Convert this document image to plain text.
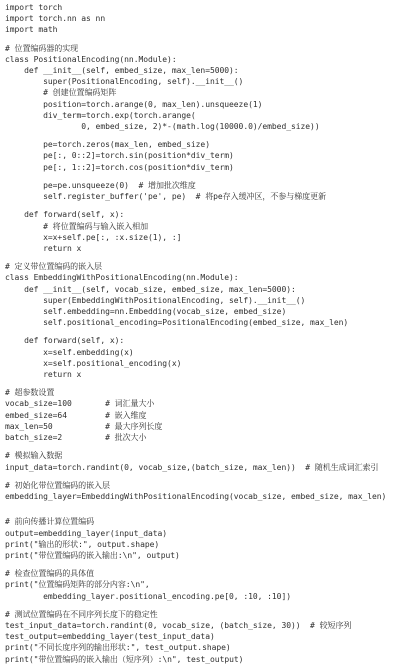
import torch
import torch.nn as nn
import math
# 位置编码器的实现
class PositionalEncoding(nn.Module):
def __init__(self, embed_size, max_len=5000):
super(PositionalEncoding, self).__init__()
# 创建位置编码矩阵
position=torch.arange(0, max_len).unsqueeze(1)
div_term=torch.exp(torch.arange(
0, embed_size, 2)*-(math.log(10000.0)/embed_size))
pe=torch.zeros(max_len, embed_size)
pe[:, 0::2]=torch.sin(position*div_term)
pe[:, 1::2]=torch.cos(position*div_term)
pe=pe.unsqueeze(0)  # 增加批次维度
self.register_buffer('pe', pe)  # 将pe存入缓冲区，不参与梯度更新
def forward(self, x):
# 将位置编码与输入嵌入相加
x=x+self.pe[:, :x.size(1), :]
return x
# 定义带位置编码的嵌入层
class EmbeddingWithPositionalEncoding(nn.Module):
def __init__(self, vocab_size, embed_size, max_len=5000):
super(EmbeddingWithPositionalEncoding, self).__init__()
self.embedding=nn.Embedding(vocab_size, embed_size)
self.positional_encoding=PositionalEncoding(embed_size, max_len)
def forward(self, x):
x=self.embedding(x)
x=self.positional_encoding(x)
return x
# 超参数设置
vocab_size=100       # 词汇量大小
embed_size=64        # 嵌入维度
max_len=50           # 最大序列长度
batch_size=2         # 批次大小
# 模拟输入数据
input_data=torch.randint(0, vocab_size,(batch_size, max_len))  # 随机生成词汇索引
# 初始化带位置编码的嵌入层
embedding_layer=EmbeddingWithPositionalEncoding(vocab_size, embed_size, max_len)
# 前向传播计算位置编码
output=embedding_layer(input_data)
print("输出的形状:", output.shape)
print("带位置编码的嵌入输出:\n", output)
# 检查位置编码的具体值
print("位置编码矩阵的部分内容:\n",
embedding_layer.positional_encoding.pe[0, :10, :10])
# 测试位置编码在不同序列长度下的稳定性
test_input_data=torch.randint(0, vocab_size, (batch_size, 30))  # 较短序列
test_output=embedding_layer(test_input_data)
print("不同长度序列的输出形状:", test_output.shape)
print("带位置编码的嵌入输出（短序列）:\n", test_output)
